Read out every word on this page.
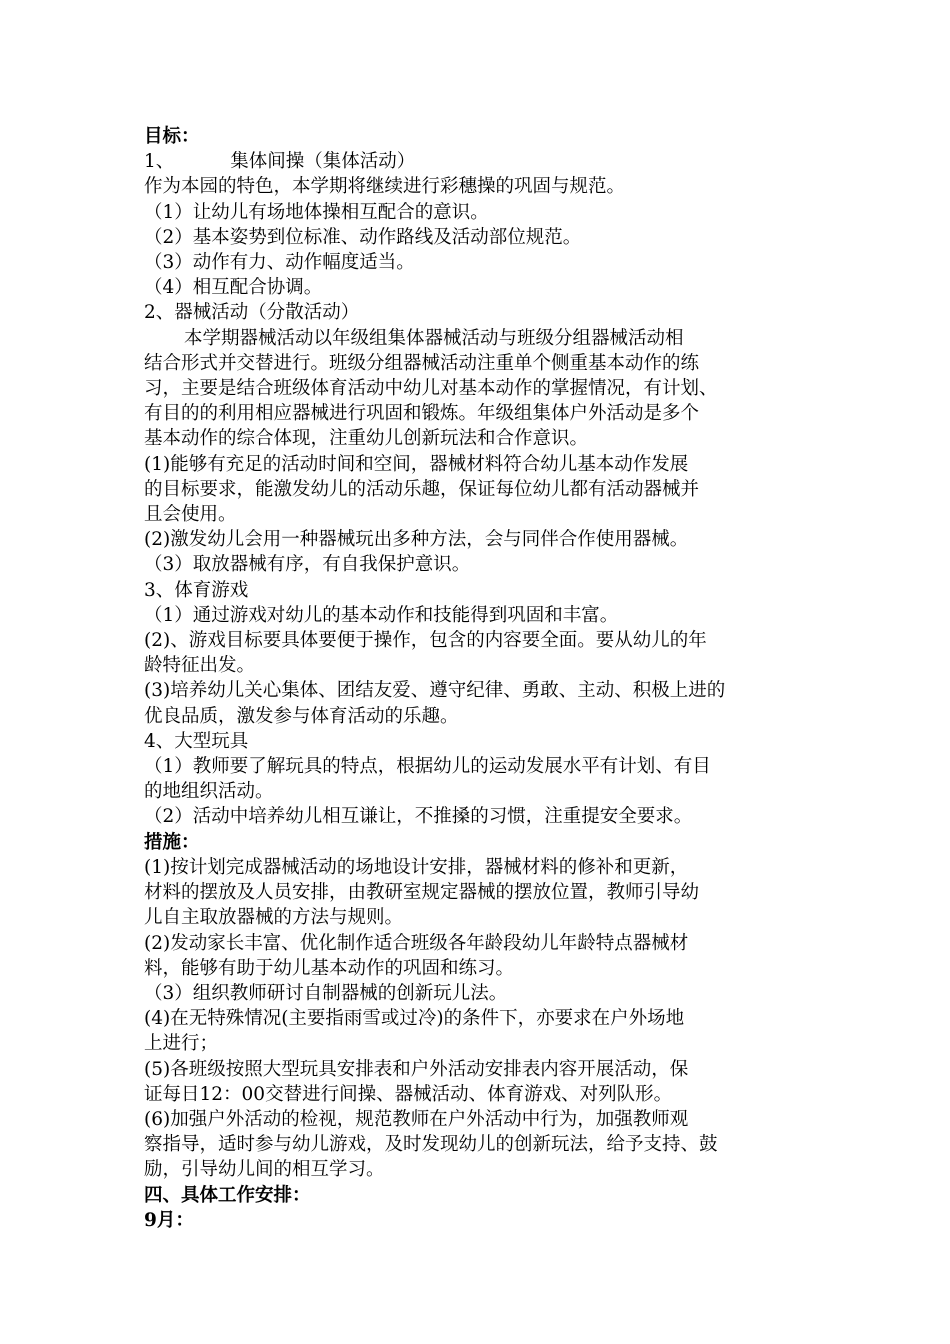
目标：
1、	集体间操（集体活动）
作为本园的特色，本学期将继续进行彩穗操的巩固与规范。
（1）让幼儿有场地体操相互配合的意识。
（2）基本姿势到位标准、动作路线及活动部位规范。
（3）动作有力、动作幅度适当。
（4）相互配合协调。
2、器械活动（分散活动）
本学期器械活动以年级组集体器械活动与班级分组器械活动相
结合形式并交替进行。班级分组器械活动注重单个侧重基本动作的练
习，主要是结合班级体育活动中幼儿对基本动作的掌握情况，有计划、
有目的的利用相应器械进行巩固和锻炼。年级组集体户外活动是多个
基本动作的综合体现，注重幼儿创新玩法和合作意识。
(1)能够有充足的活动时间和空间，器械材料符合幼儿基本动作发展
的目标要求，能激发幼儿的活动乐趣，保证每位幼儿都有活动器械并
且会使用。
(2)激发幼儿会用一种器械玩出多种方法，会与同伴合作使用器械。
（3）取放器械有序，有自我保护意识。
3、体育游戏
（1）通过游戏对幼儿的基本动作和技能得到巩固和丰富。
(2)、游戏目标要具体要便于操作，包含的内容要全面。要从幼儿的年
龄特征出发。
(3)培养幼儿关心集体、团结友爱、遵守纪律、勇敢、主动、积极上进的
优良品质，激发参与体育活动的乐趣。
4、大型玩具
（1）教师要了解玩具的特点，根据幼儿的运动发展水平有计划、有目
的地组织活动。
（2）活动中培养幼儿相互谦让，不推搡的习惯，注重提安全要求。
措施：
(1)按计划完成器械活动的场地设计安排，器械材料的修补和更新，
材料的摆放及人员安排，由教研室规定器械的摆放位置，教师引导幼
儿自主取放器械的方法与规则。
(2)发动家长丰富、优化制作适合班级各年龄段幼儿年龄特点器械材
料，能够有助于幼儿基本动作的巩固和练习。
（3）组织教师研讨自制器械的创新玩儿法。
(4)在无特殊情况(主要指雨雪或过冷)的条件下，亦要求在户外场地
上进行；
(5)各班级按照大型玩具安排表和户外活动安排表内容开展活动，保
证每日12：00交替进行间操、器械活动、体育游戏、对列队形。
(6)加强户外活动的检视，规范教师在户外活动中行为，加强教师观
察指导，适时参与幼儿游戏，及时发现幼儿的创新玩法，给予支持、鼓
励，引导幼儿间的相互学习。
四、具体工作安排：
9月：
